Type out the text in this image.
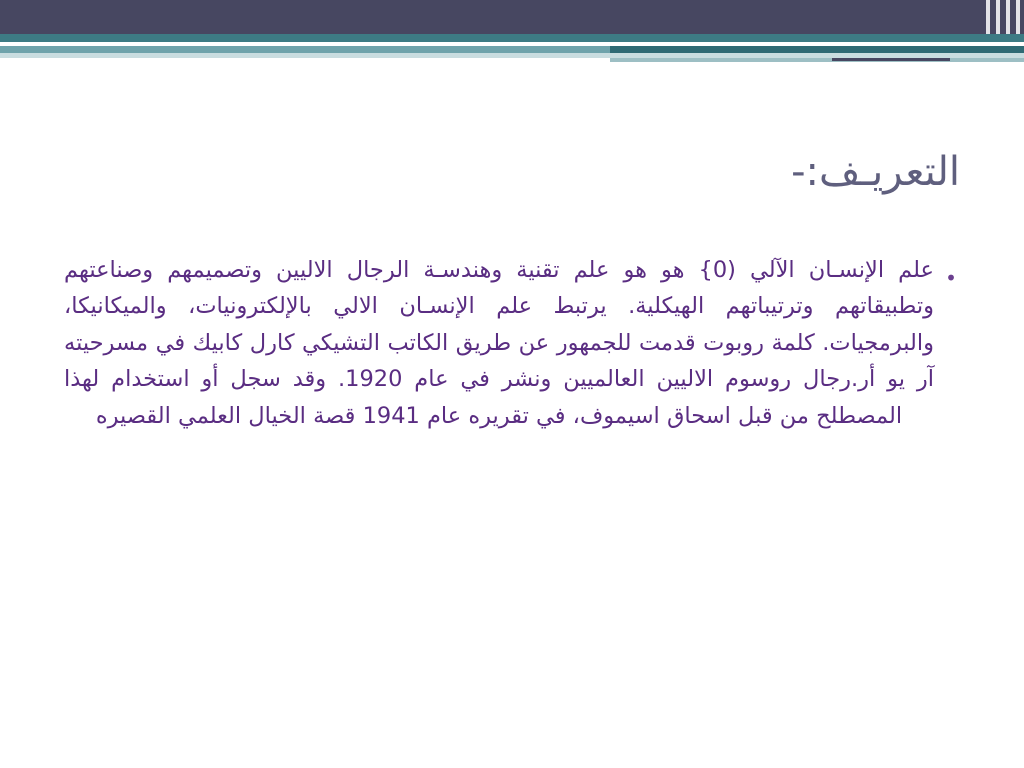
التعريـف:-
•
علم الإنسـان الآلي (0} هو هو علم تقنية وهندسـة الرجال الاليين وتصميمهم وصناعتهم وتطبيقاتهم وترتيباتهم الهيكلية. يرتبط علم الإنسـان الالي بالإلكترونيات، والميكانيكا، والبرمجيات. كلمة روبوت قدمت للجمهور عن طريق الكاتب التشيكي كارل كابيك في مسرحيته آر يو أر.رجال روسوم الاليين العالميين ونشر في عام 1920. وقد سجل أو استخدام لهذا المصطلح من قبل اسحاق اسيموف، في تقريره عام 1941 قصة الخيال العلمي القصيره
